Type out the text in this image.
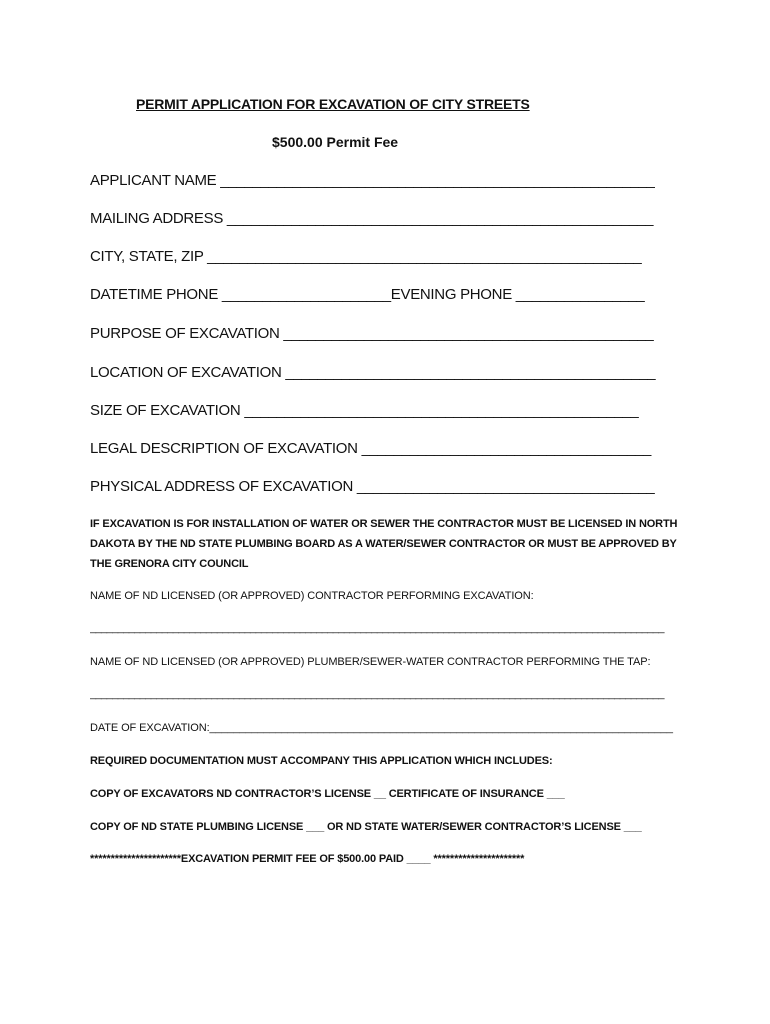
PERMIT APPLICATION FOR EXCAVATION OF CITY STREETS
$500.00 Permit Fee
APPLICANT NAME ______________________________________________________
MAILING ADDRESS _____________________________________________________
CITY, STATE, ZIP ______________________________________________________
DATETIME PHONE _____________________EVENING PHONE ________________
PURPOSE OF EXCAVATION ______________________________________________
LOCATION OF EXCAVATION ______________________________________________
SIZE OF EXCAVATION _________________________________________________
LEGAL DESCRIPTION OF EXCAVATION ____________________________________
PHYSICAL ADDRESS OF EXCAVATION _____________________________________
IF EXCAVATION IS FOR INSTALLATION OF WATER OR SEWER THE CONTRACTOR MUST BE LICENSED IN NORTH DAKOTA BY THE ND STATE PLUMBING BOARD AS A WATER/SEWER CONTRACTOR OR MUST BE APPROVED BY THE GRENORA CITY COUNCIL
NAME OF ND LICENSED (OR APPROVED) CONTRACTOR PERFORMING EXCAVATION:
________________________________________________________________________________________________________
NAME OF ND LICENSED (OR APPROVED) PLUMBER/SEWER-WATER CONTRACTOR PERFORMING THE TAP:
________________________________________________________________________________________________________
DATE OF EXCAVATION:_____________________________________________________________________________
REQUIRED DOCUMENTATION MUST ACCOMPANY THIS APPLICATION WHICH INCLUDES:
COPY OF EXCAVATORS ND CONTRACTOR’S LICENSE __ CERTIFICATE OF INSURANCE ___
COPY OF ND STATE PLUMBING LICENSE ___ OR ND STATE WATER/SEWER CONTRACTOR’S LICENSE ___
**********************EXCAVATION PERMIT FEE OF $500.00 PAID ____ **********************
